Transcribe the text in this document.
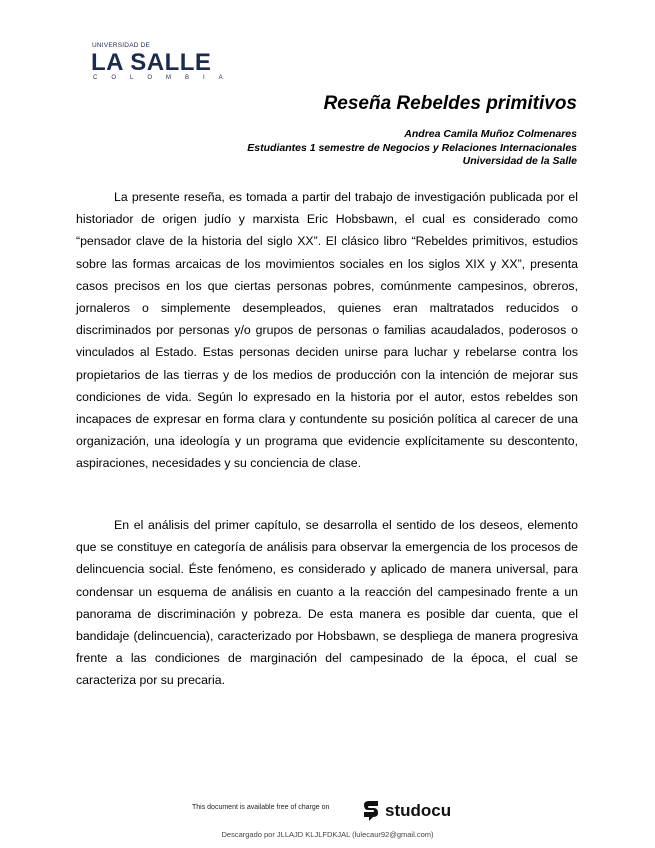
UNIVERSIDAD DE
LA SALLE
COLOMBIA
Reseña Rebeldes primitivos
Andrea Camila Muñoz Colmenares
Estudiantes 1 semestre de Negocios y Relaciones Internacionales
Universidad de la Salle
La presente reseña, es tomada a partir del trabajo de investigación publicada por el historiador de origen judío y marxista Eric Hobsbawn, el cual es considerado como “pensador clave de la historia del siglo XX”. El clásico libro “Rebeldes primitivos, estudios sobre las formas arcaicas de los movimientos sociales en los siglos XIX y XX”, presenta casos precisos en los que ciertas personas pobres, comúnmente campesinos, obreros, jornaleros o simplemente desempleados, quienes eran maltratados reducidos o discriminados por personas y/o grupos de personas o familias acaudalados, poderosos o vinculados al Estado. Estas personas deciden unirse para luchar y rebelarse contra los propietarios de las tierras y de los medios de producción con la intención de mejorar sus condiciones de vida. Según lo expresado en la historia por el autor, estos rebeldes son incapaces de expresar en forma clara y contundente su posición política al carecer de una organización, una ideología y un programa que evidencie explícitamente su descontento, aspiraciones, necesidades y su conciencia de clase.
En el análisis del primer capítulo, se desarrolla el sentido de los deseos, elemento que se constituye en categoría de análisis para observar la emergencia de los procesos de delincuencia social. Éste fenómeno, es considerado y aplicado de manera universal, para condensar un esquema de análisis en cuanto a la reacción del campesinado frente a un panorama de discriminación y pobreza. De esta manera es posible dar cuenta, que el bandidaje (delincuencia), caracterizado por Hobsbawn, se despliega de manera progresiva frente a las condiciones de marginación del campesinado de la época, el cual se caracteriza por su precaria.
This document is available free of charge on	studocu
Descargado por JLLAJD KLJLFDKJAL (lulecaur92@gmail.com)
